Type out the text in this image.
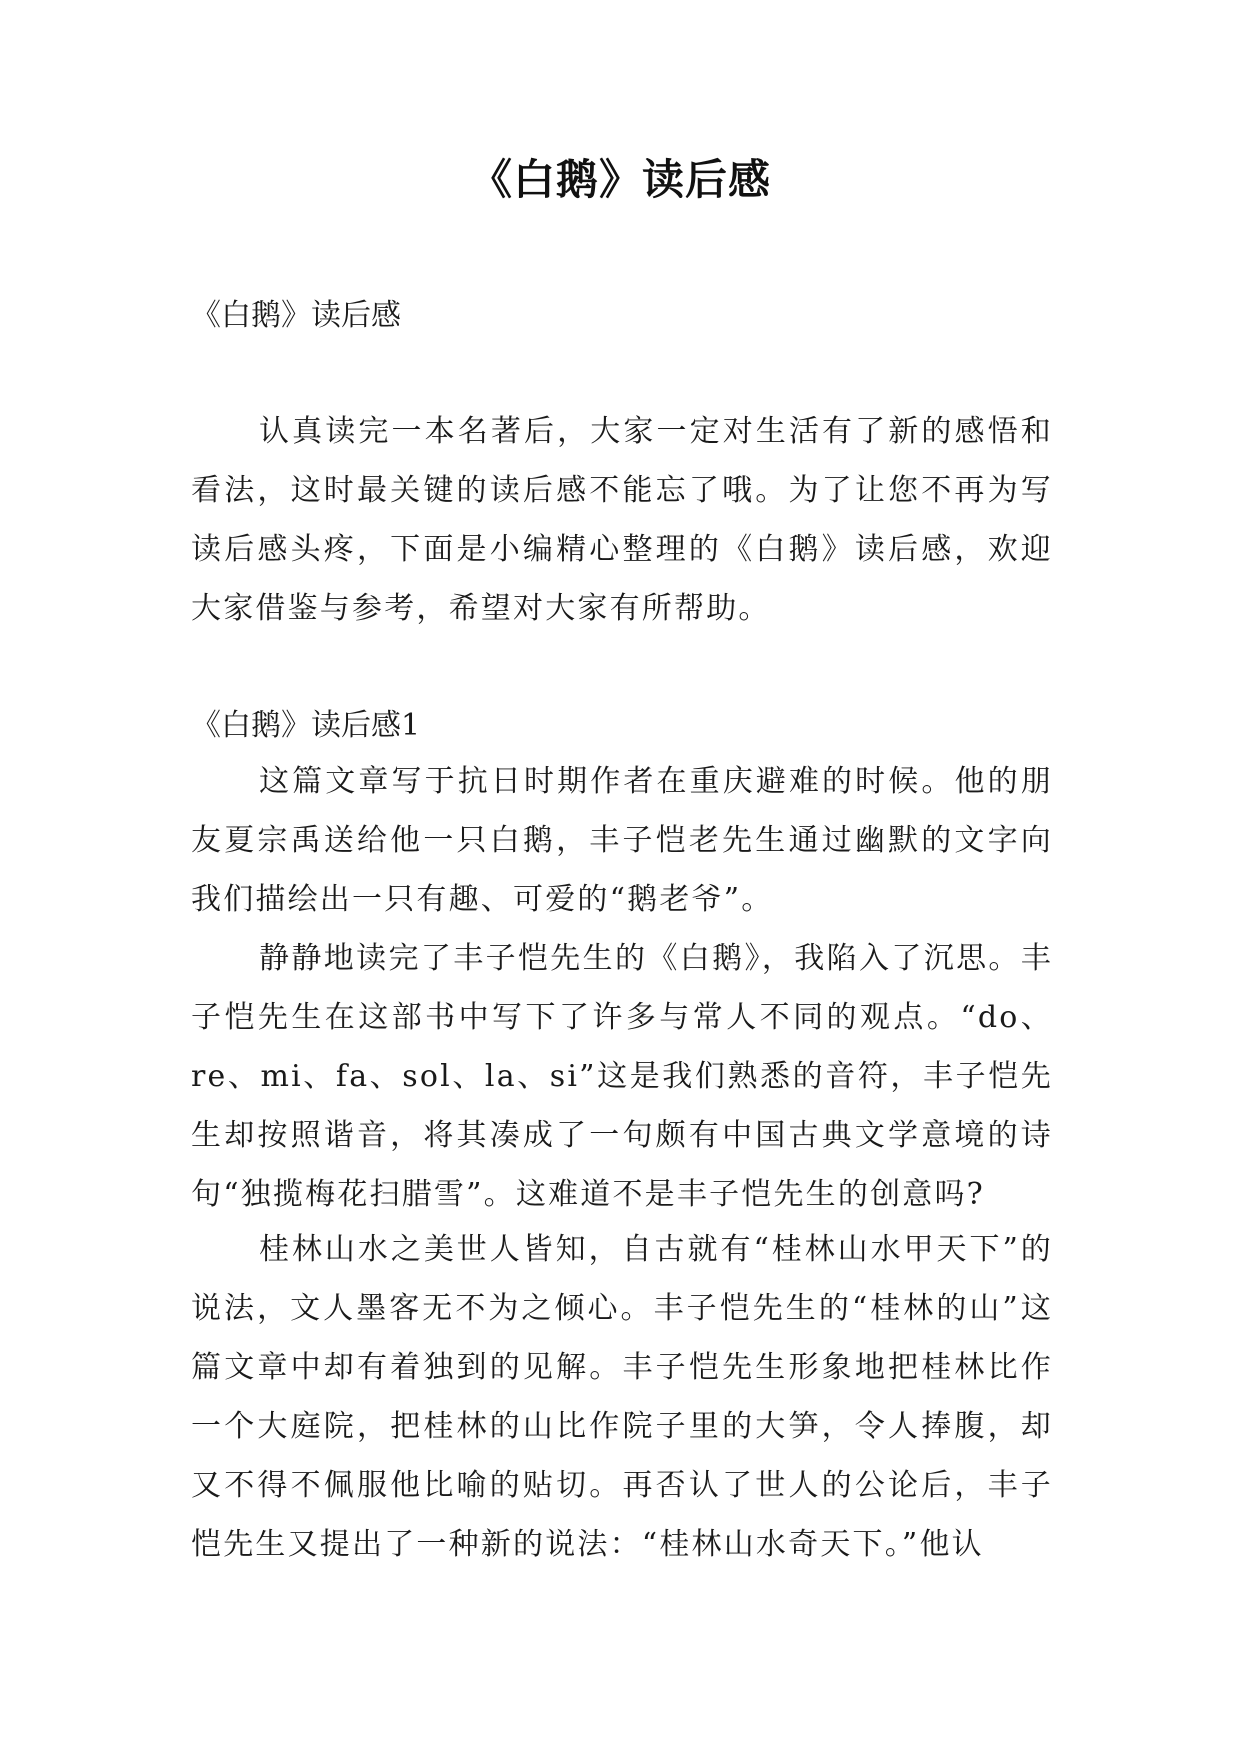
《白鹅》读后感

《白鹅》读后感

认真读完一本名著后，大家一定对生活有了新的感悟和看法，这时最关键的读后感不能忘了哦。为了让您不再为写读后感头疼，下面是小编精心整理的《白鹅》读后感，欢迎大家借鉴与参考，希望对大家有所帮助。

《白鹅》读后感1

这篇文章写于抗日时期作者在重庆避难的时候。他的朋友夏宗禹送给他一只白鹅，丰子恺老先生通过幽默的文字向我们描绘出一只有趣、可爱的“鹅老爷”。

静静地读完了丰子恺先生的《白鹅》，我陷入了沉思。丰子恺先生在这部书中写下了许多与常人不同的观点。“do、re、mi、fa、sol、la、si”这是我们熟悉的音符，丰子恺先生却按照谐音，将其凑成了一句颇有中国古典文学意境的诗句“独揽梅花扫腊雪”。这难道不是丰子恺先生的创意吗?

桂林山水之美世人皆知，自古就有“桂林山水甲天下”的说法，文人墨客无不为之倾心。丰子恺先生的“桂林的山”这篇文章中却有着独到的见解。丰子恺先生形象地把桂林比作一个大庭院，把桂林的山比作院子里的大笋，令人捧腹，却又不得不佩服他比喻的贴切。再否认了世人的公论后，丰子恺先生又提出了一种新的说法：“桂林山水奇天下。”他认
